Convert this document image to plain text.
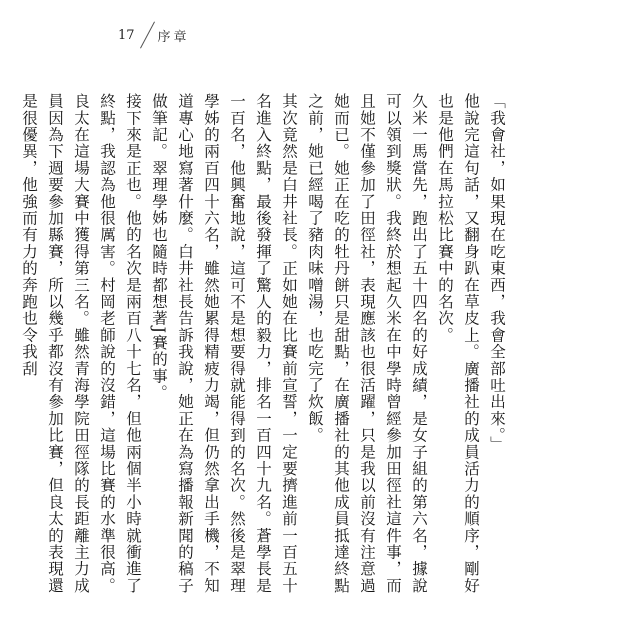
17 序章

「我會社，如果現在吃東西，我會全部吐出來。」

他說完這句話，又翻身趴在草皮上。廣播社的成員活力的順序，剛好也是他們在馬拉松比賽中的名次。

久米一馬當先，跑出了五十四名的好成績，是女子組的第六名，據說可以領到獎狀。我終於想起久米在中學時曾經參加田徑社這件事，而且她不僅參加了田徑社，表現應該也很活躍，只是我以前沒有注意過她而已。她正在吃的牡丹餅只是甜點，在廣播社的其他成員抵達終點之前，她已經喝了豬肉味噌湯，也吃完了炊飯。

其次竟然是白井社長。正如她在比賽前宣誓，一定要擠進前一百五十名進入終點，最後發揮了驚人的毅力，排名一百四十九名。蒼學長是一百名，他興奮地說，這可不是想要得就能得到的名次。然後是翠理學姊的兩百四十六名，雖然她累得精疲力竭，但仍然拿出手機，不知道專心地寫著什麼。白井社長告訴我說，她正在為寫播報新聞的稿子做筆記。翠理學姊也隨時都想著J賽的事。

接下來是正也。他的名次是兩百八十七名，但他兩個半小時就衝進了終點，我認為他很厲害。村岡老師說的沒錯，這場比賽的水準很高。

良太在這場大賽中獲得第三名。雖然青海學院田徑隊的長距離主力成員因為下週要參加縣賽，所以幾乎都沒有參加比賽，但良太的表現還是很優異，他強而有力的奔跑也令我刮
